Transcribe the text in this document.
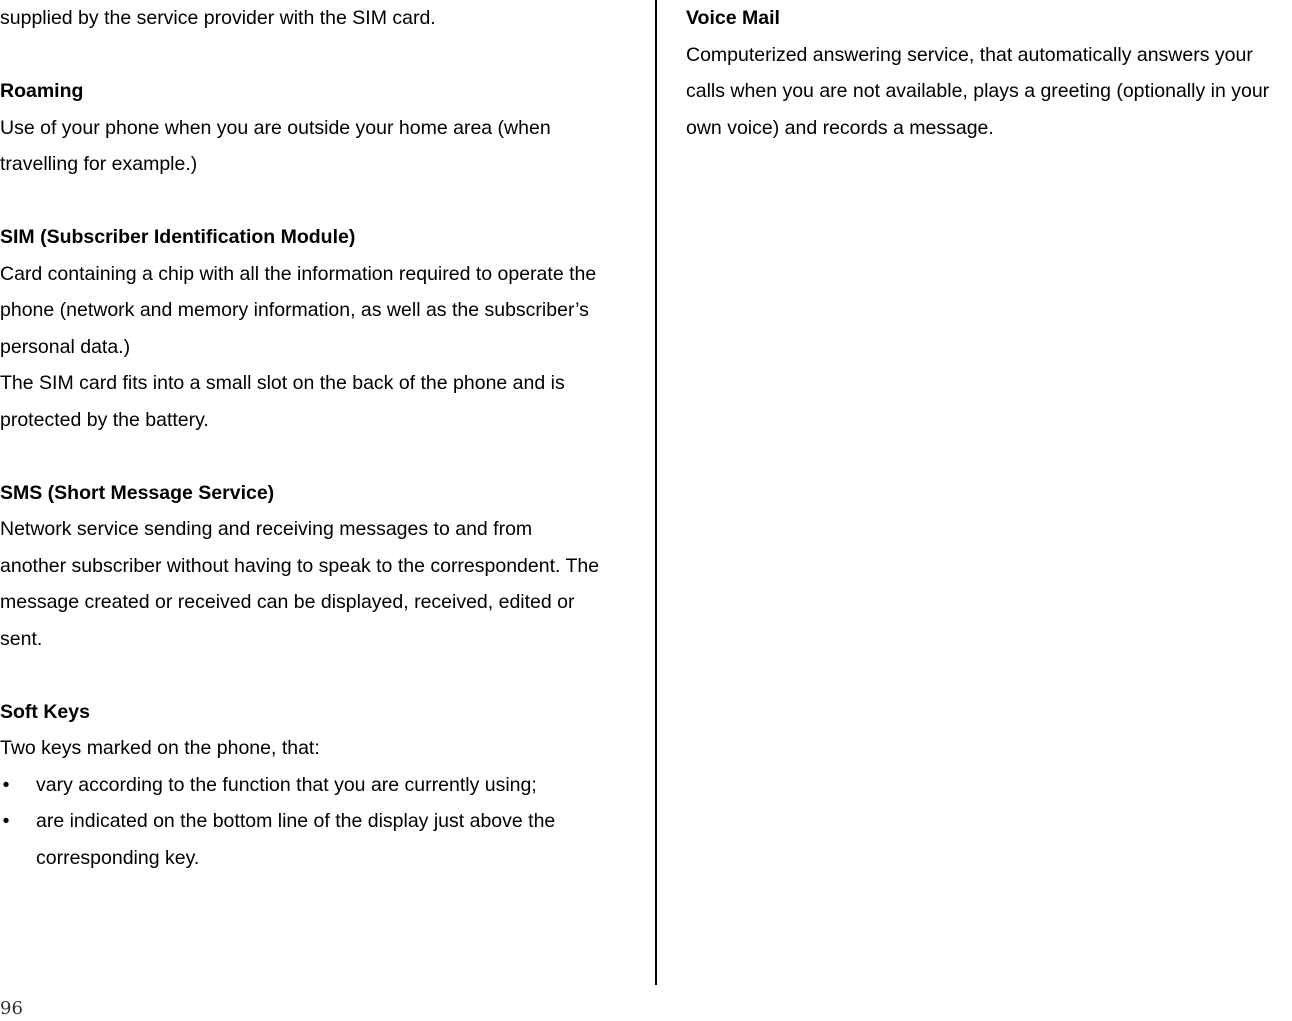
supplied by the service provider with the SIM card.

Roaming

Use of your phone when you are outside your home area (when

travelling for example.)

SIM (Subscriber Identification Module)

Card containing a chip with all the information required to operate the

phone (network and memory information, as well as the subscriber’s

personal data.)

The SIM card fits into a small slot on the back of the phone and is

protected by the battery.

SMS (Short Message Service)

Network service sending and receiving messages to and from

another subscriber without having to speak to the correspondent. The

message created or received can be displayed, received, edited or

sent.

Soft Keys

Two keys marked on the phone, that:

• vary according to the function that you are currently using;

• are indicated on the bottom line of the display just above the corresponding key.

Voice Mail

Computerized answering service, that automatically answers your

calls when you are not available, plays a greeting (optionally in your

own voice) and records a message.

96
